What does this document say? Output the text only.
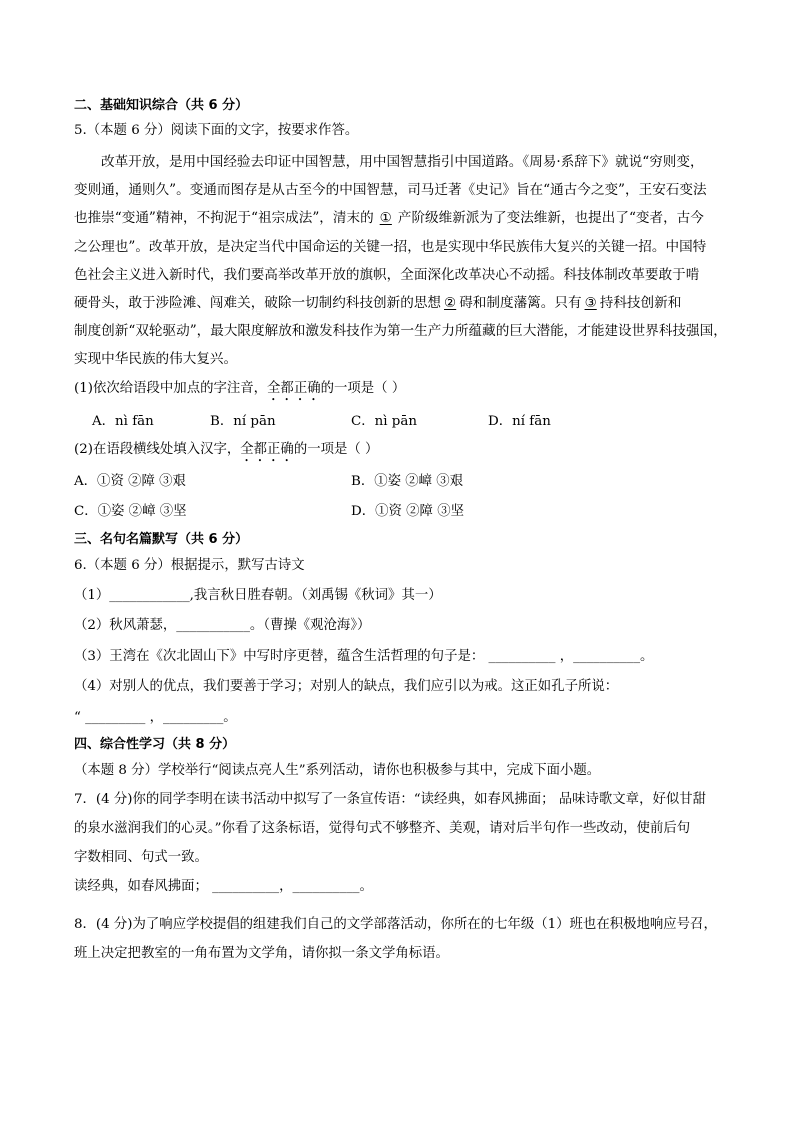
二、基础知识综合（共 6 分）
5.（本题 6 分）阅读下面的文字，按要求作答。
改革开放，是用中国经验去印证中国智慧，用中国智慧指引中国道路。《周易·系辞下》就说“穷则变，
变则通，通则久”。变通而图存是从古至今的中国智慧，司马迁著《史记》旨在“通古今之变”，王安石变法
也推崇“变通”精神，不拘泥于“祖宗成法”，清末的 ① 产阶级维新派为了变法维新，也提出了“变者，古今
之公理也”。改革开放，是决定当代中国命运的关键一招，也是实现中华民族伟大复兴的关键一招。中国特
色社会主义进入新时代，我们要高举改革开放的旗帜，全面深化改革决心不动摇。科技体制改革要敢于啃
硬骨头，敢于涉险滩、闯难关，破除一切制约科技创新的思想 ② 碍和制度藩篱。只有 ③ 持科技创新和
制度创新“双轮驱动”，最大限度解放和激发科技作为第一生产力所蕴藏的巨大潜能，才能建设世界科技强国，
实现中华民族的伟大复兴。
(1)依次给语段中加点的字注音，全都正确的一项是（ ）
A．nì fān	B．ní pān	C．nì pān	D．ní fān
(2)在语段横线处填入汉字，全都正确的一项是（ ）
A．①资 ②障 ③艰	B．①姿 ②嶂 ③艰
C．①姿 ②嶂 ③坚	D．①资 ②障 ③坚
三、名句名篇默写（共 6 分）
6.（本题 6 分）根据提示，默写古诗文
（1）____________,我言秋日胜春朝。（刘禹锡《秋词》其一）
（2）秋风萧瑟，___________。（曹操《观沧海》）
（3）王湾在《次北固山下》中写时序更替，蕴含生活哲理的句子是： __________ ，__________。
（4）对别人的优点，我们要善于学习；对别人的缺点，我们应引以为戒。这正如孔子所说：
“ _________ ，_________。
四、综合性学习（共 8 分）
（本题 8 分）学校举行“阅读点亮人生”系列活动，请你也积极参与其中，完成下面小题。
7．(4 分)你的同学李明在读书活动中拟写了一条宣传语：“读经典，如春风拂面； 品味诗歌文章，好似甘甜
的泉水滋润我们的心灵。”你看了这条标语，觉得句式不够整齐、美观，请对后半句作一些改动，使前后句
字数相同、句式一致。
读经典，如春风拂面； __________，__________。
8．(4 分)为了响应学校提倡的组建我们自己的文学部落活动，你所在的七年级（1）班也在积极地响应号召，
班上决定把教室的一角布置为文学角，请你拟一条文学角标语。
